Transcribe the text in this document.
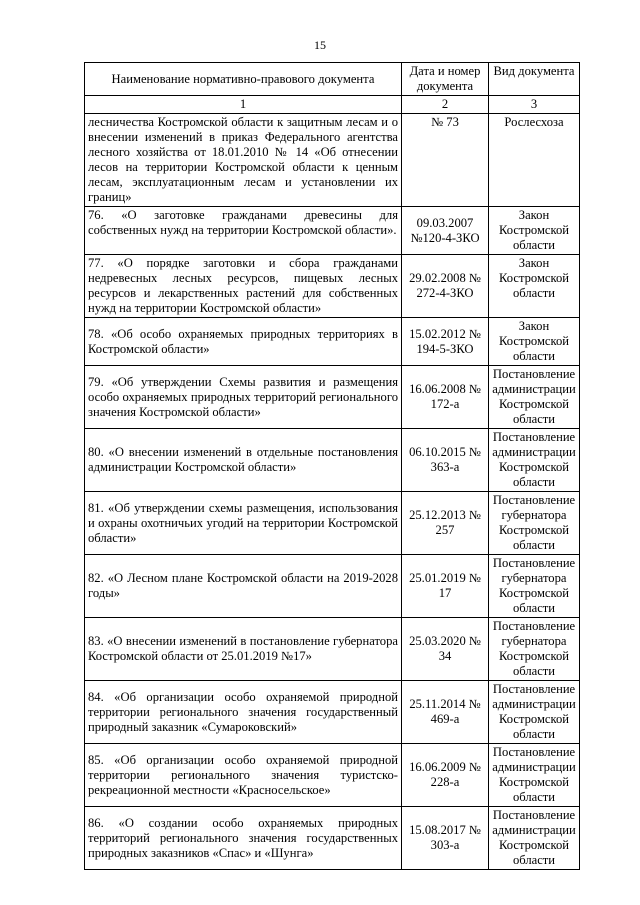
15
Наименование нормативно-правового документа	Дата и номер документа	Вид документа
1	2	3
лесничества Костромской области к защитным лесам и о внесении изменений в приказ Федерального агентства лесного хозяйства от 18.01.2010 № 14 «Об отнесении лесов на территории Костромской области к ценным лесам, эксплуатационным лесам и установлении их границ»	№ 73	Рослесхоза
76. «О заготовке гражданами древесины для собственных нужд на территории Костромской области».	09.03.2007 №120-4-ЗКО	Закон Костромской области
77. «О порядке заготовки и сбора гражданами недревесных лесных ресурсов, пищевых лесных ресурсов и лекарственных растений для собственных нужд на территории Костромской области»	29.02.2008 № 272-4-ЗКО	Закон Костромской области
78. «Об особо охраняемых природных территориях в Костромской области»	15.02.2012 № 194-5-ЗКО	Закон Костромской области
79. «Об утверждении Схемы развития и размещения особо охраняемых природных территорий регионального значения Костромской области»	16.06.2008 № 172-а	Постановление администрации Костромской области
80. «О внесении изменений в отдельные постановления администрации Костромской области»	06.10.2015 № 363-а	Постановление администрации Костромской области
81. «Об утверждении схемы размещения, использования и охраны охотничьих угодий на территории Костромской области»	25.12.2013 № 257	Постановление губернатора Костромской области
82. «О Лесном плане Костромской области на 2019-2028 годы»	25.01.2019 № 17	Постановление губернатора Костромской области
83. «О внесении изменений в постановление губернатора Костромской области от 25.01.2019 №17»	25.03.2020 № 34	Постановление губернатора Костромской области
84. «Об организации особо охраняемой природной территории регионального значения государственный природный заказник «Сумароковский»	25.11.2014 № 469-а	Постановление администрации Костромской области
85. «Об организации особо охраняемой природной территории регионального значения туристско-рекреационной местности «Красносельское»	16.06.2009 № 228-а	Постановление администрации Костромской области
86. «О создании особо охраняемых природных территорий регионального значения государственных природных заказников «Спас» и «Шунга»	15.08.2017 № 303-а	Постановление администрации Костромской области
